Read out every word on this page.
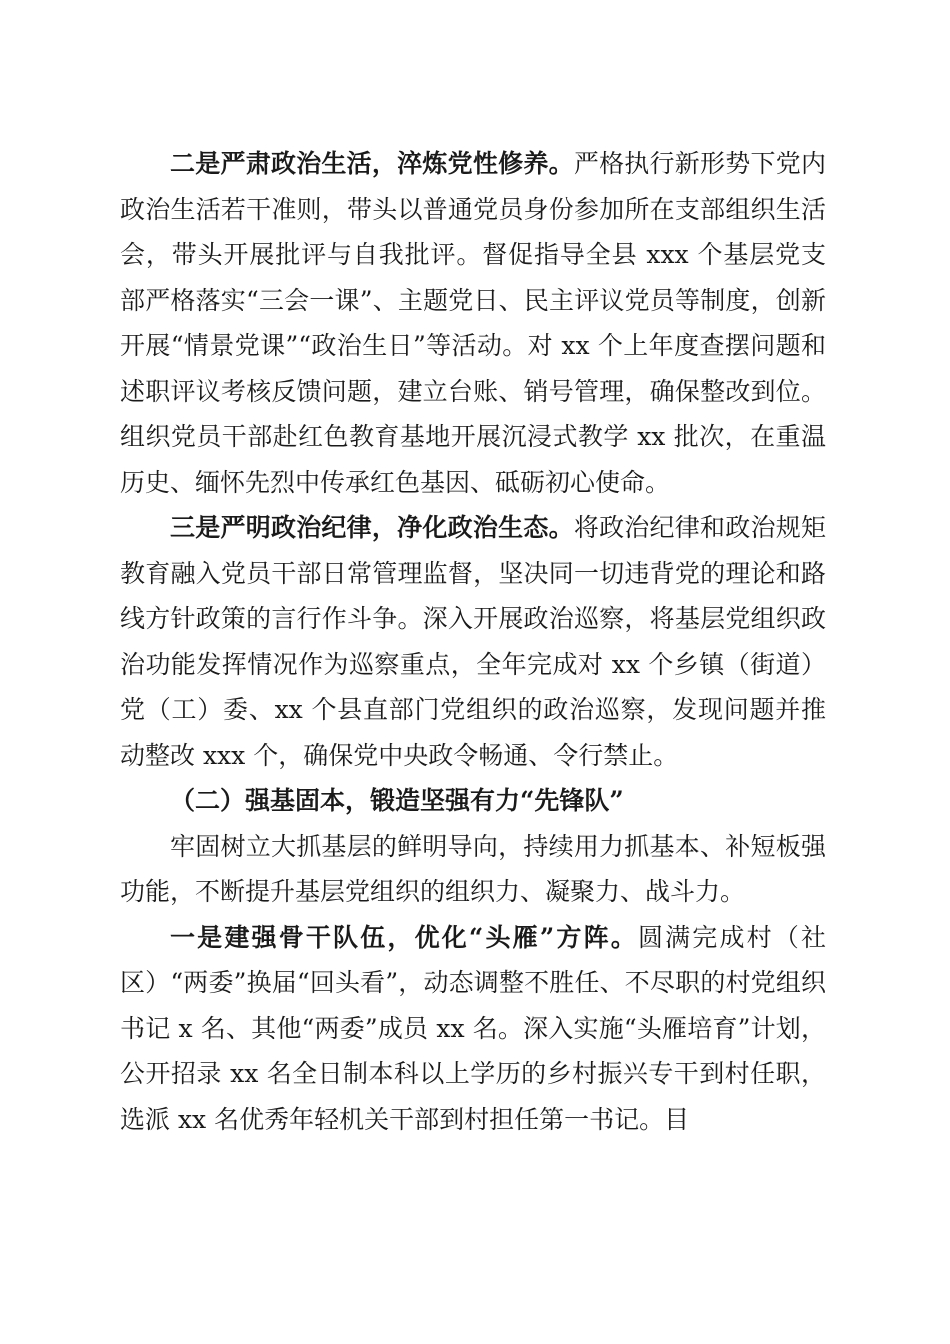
二是严肃政治生活，淬炼党性修养。严格执行新形势下党内政治生活若干准则，带头以普通党员身份参加所在支部组织生活会，带头开展批评与自我批评。督促指导全县 xxx 个基层党支部严格落实“三会一课”、主题党日、民主评议党员等制度，创新开展“情景党课”“政治生日”等活动。对 xx 个上年度查摆问题和述职评议考核反馈问题，建立台账、销号管理，确保整改到位。组织党员干部赴红色教育基地开展沉浸式教学 xx 批次，在重温历史、缅怀先烈中传承红色基因、砥砺初心使命。

三是严明政治纪律，净化政治生态。将政治纪律和政治规矩教育融入党员干部日常管理监督，坚决同一切违背党的理论和路线方针政策的言行作斗争。深入开展政治巡察，将基层党组织政治功能发挥情况作为巡察重点，全年完成对 xx 个乡镇（街道）党（工）委、xx 个县直部门党组织的政治巡察，发现问题并推动整改 xxx 个，确保党中央政令畅通、令行禁止。

（二）强基固本，锻造坚强有力“先锋队”

牢固树立大抓基层的鲜明导向，持续用力抓基本、补短板强功能，不断提升基层党组织的组织力、凝聚力、战斗力。

一是建强骨干队伍，优化“头雁”方阵。圆满完成村（社区）“两委”换届“回头看”，动态调整不胜任、不尽职的村党组织书记 x 名、其他“两委”成员 xx 名。深入实施“头雁培育”计划，公开招录 xx 名全日制本科以上学历的乡村振兴专干到村任职，选派 xx 名优秀年轻机关干部到村担任第一书记。目
